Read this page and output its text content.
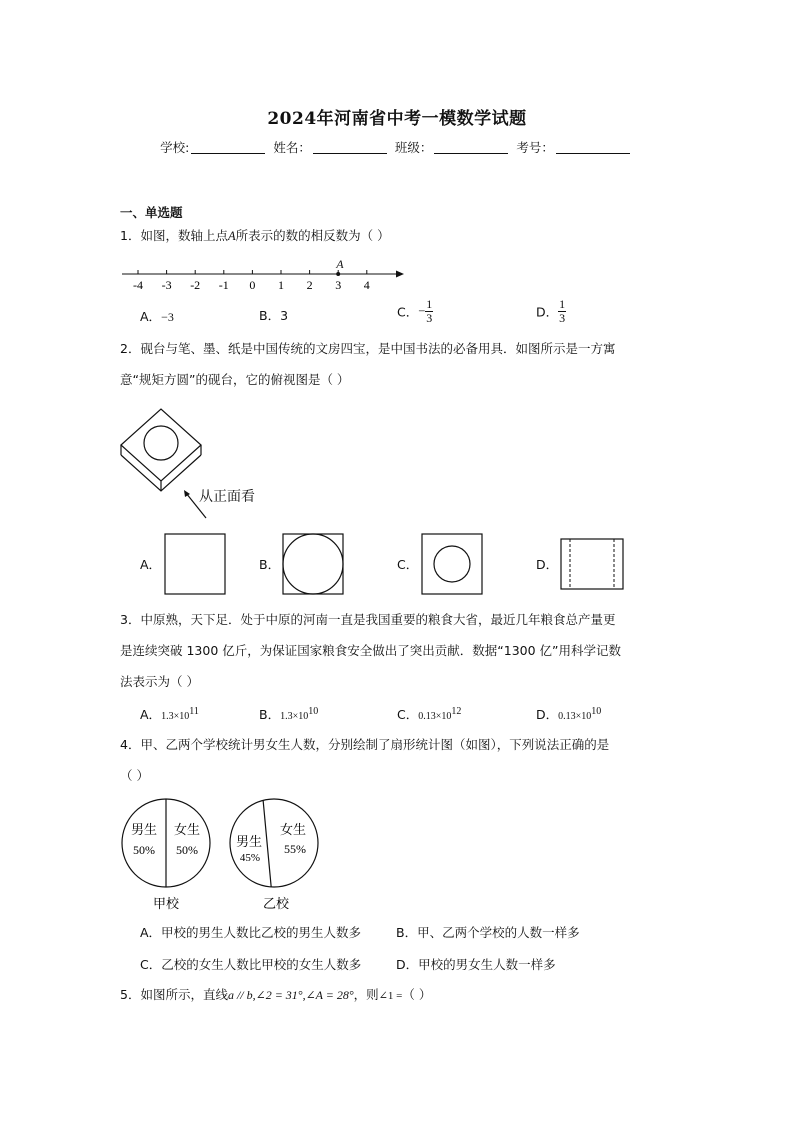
2024年河南省中考一模数学试题
学校:	姓名：	班级：	考号：
一、单选题
1．如图，数轴上点A所表示的数的相反数为（ ）
-4 -3 -2 -1 0 1 2 3 4
A
A．−3	B．3	C．− $\frac{1}{3}$	D． $\frac{1}{3}$
2．砚台与笔、墨、纸是中国传统的文房四宝，是中国书法的必备用具．如图所示是一方寓
意“规矩方圆”的砚台，它的俯视图是（ ）
从正面看
A．	B．	C．	D．
3．中原熟，天下足．处于中原的河南一直是我国重要的粮食大省，最近几年粮食总产量更
是连续突破 1300 亿斤，为保证国家粮食安全做出了突出贡献．数据“1300 亿”用科学记数
法表示为（ ）
A．$1.3\times 10^{11}$	B．$1.3\times 10^{10}$	C．$0.13\times 10^{12}$	D．$0.13\times 10^{10}$
4．甲、乙两个学校统计男女生人数，分别绘制了扇形统计图（如图），下列说法正确的是
（ ）
男生
50%
女生
50%
甲校
男生
45%
女生
55%
乙校
A．甲校的男生人数比乙校的男生人数多	B．甲、乙两个学校的人数一样多
C．乙校的女生人数比甲校的女生人数多	D．甲校的男女生人数一样多
5．如图所示，直线a // b,∠2 = 31°,∠A = 28°，则∠1 =（ ）
